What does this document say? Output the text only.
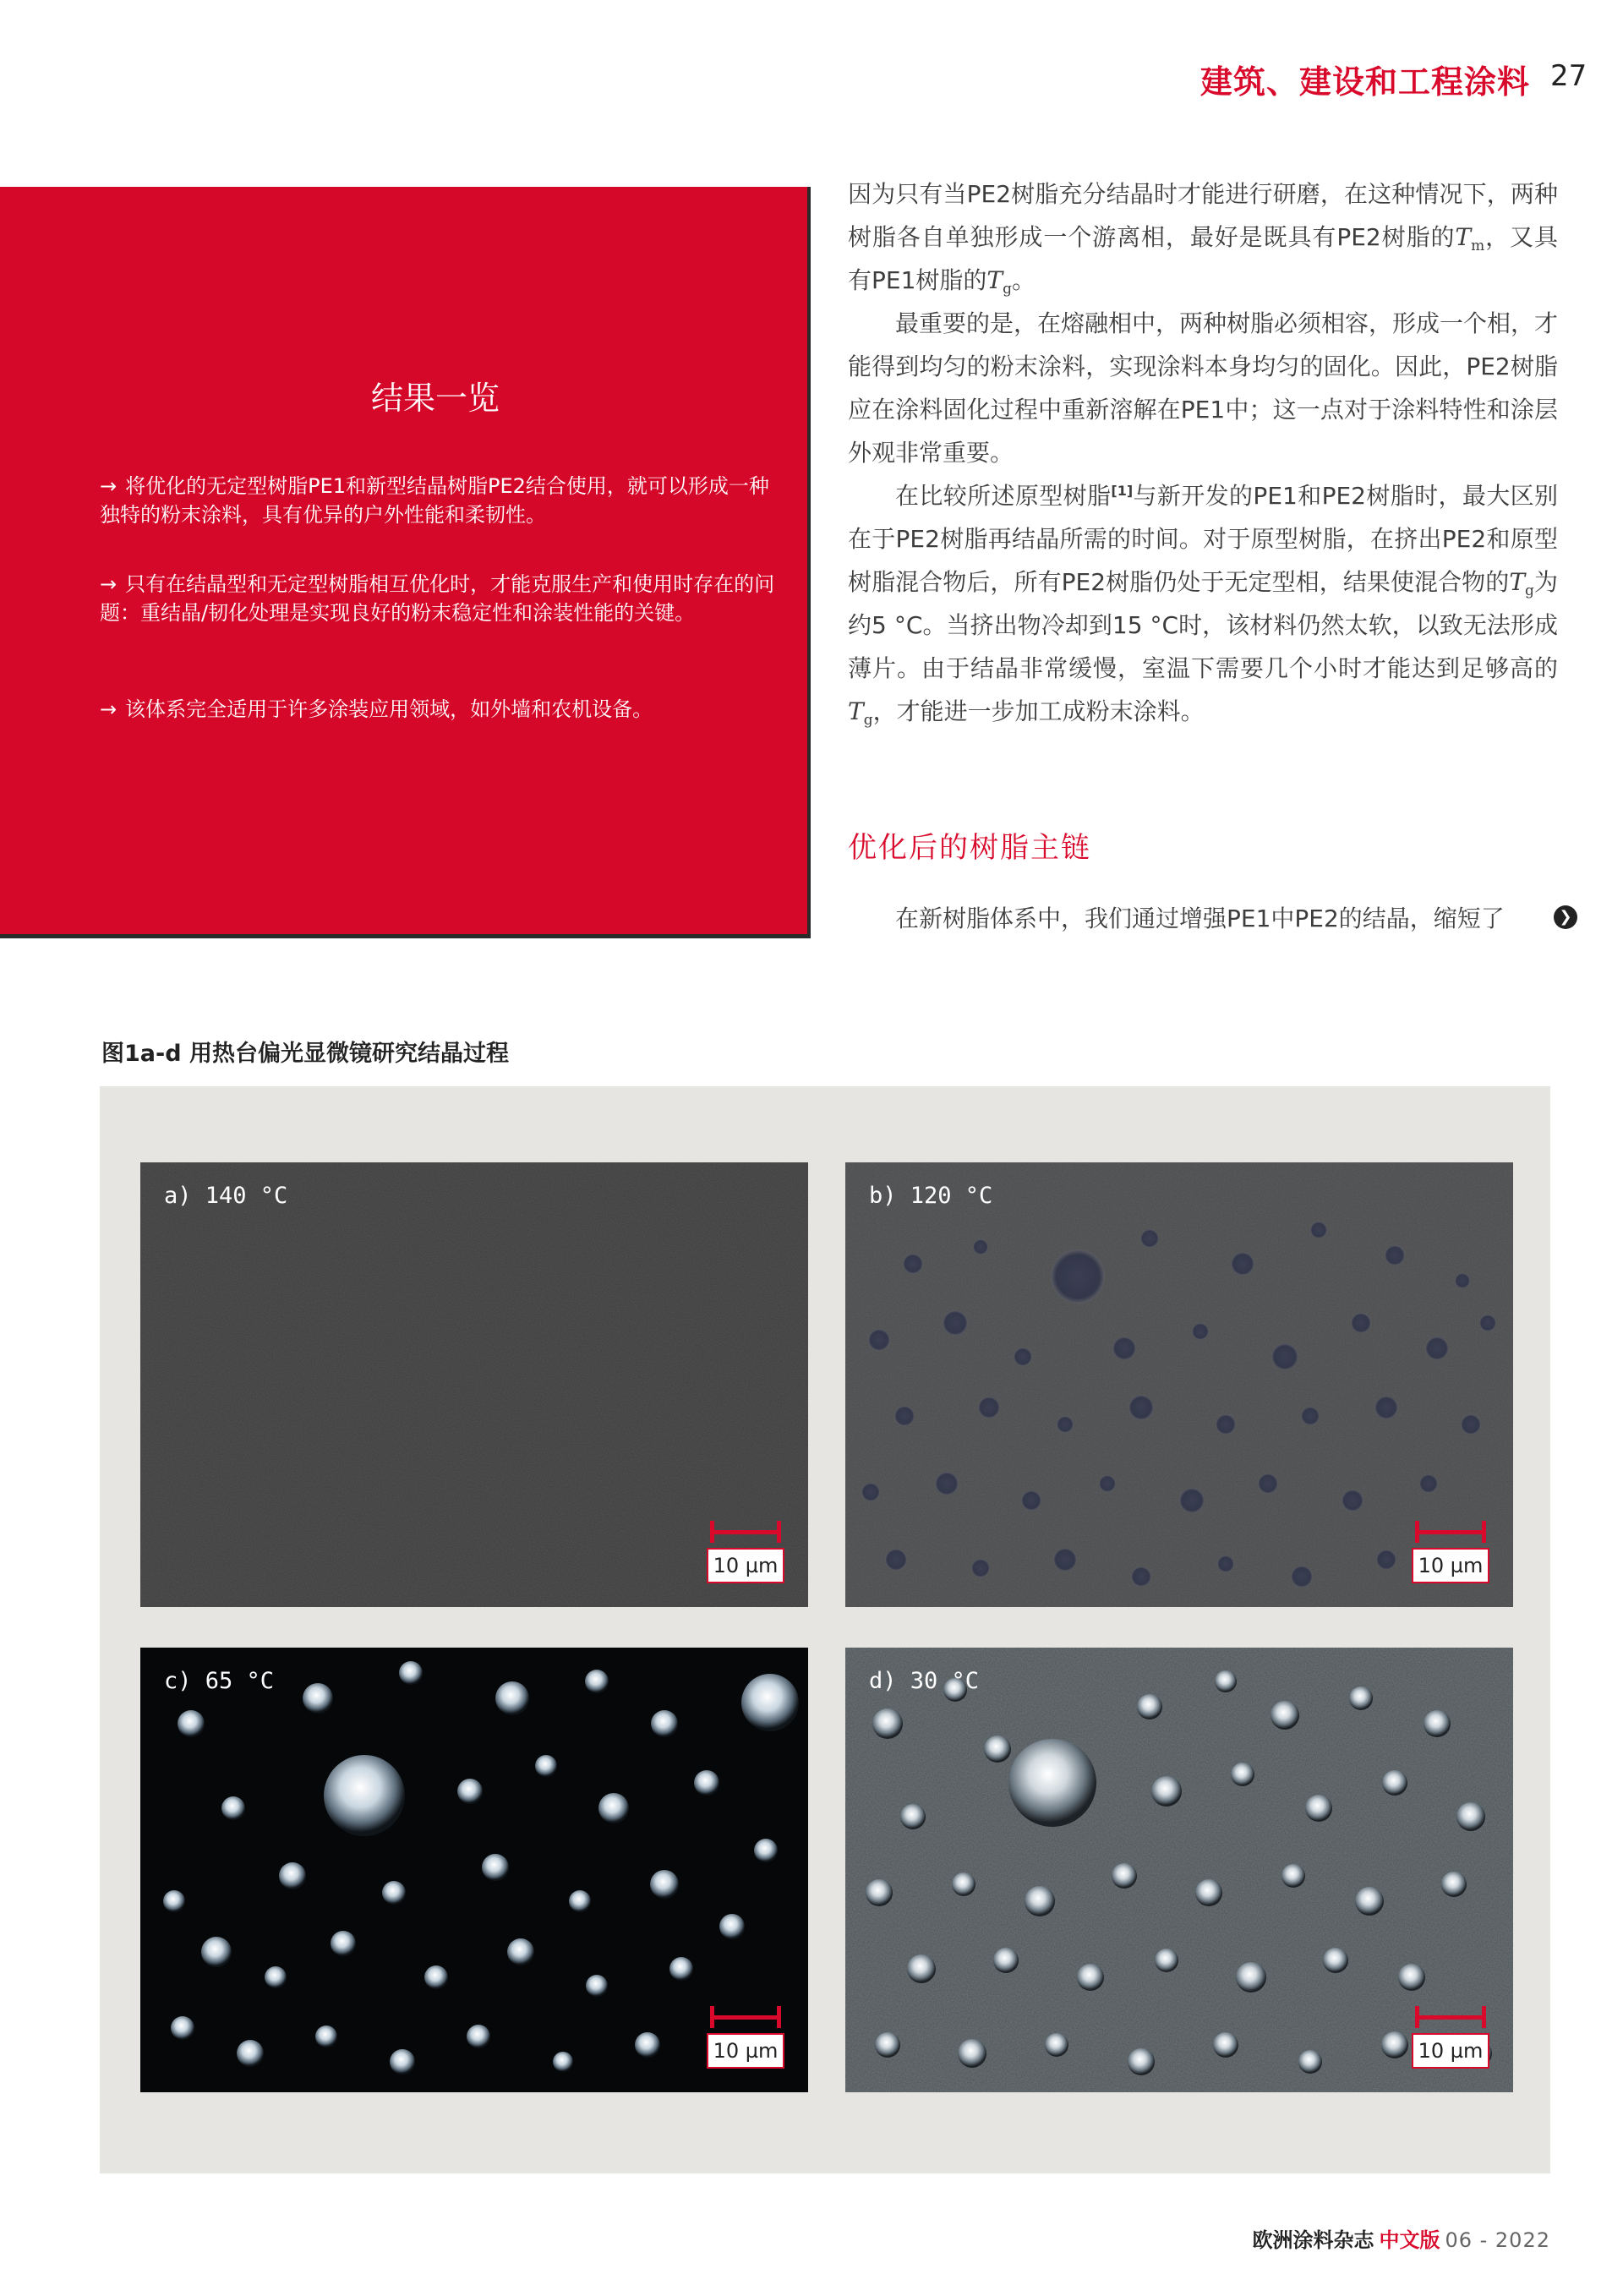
建筑、建设和工程涂料 27
结果一览
→ 将优化的无定型树脂PE1和新型结晶树脂PE2结合使用，就可以形成一种独特的粉末涂料，具有优异的户外性能和柔韧性。
→ 只有在结晶型和无定型树脂相互优化时，才能克服生产和使用时存在的问题：重结晶/韧化处理是实现良好的粉末稳定性和涂装性能的关键。
→ 该体系完全适用于许多涂装应用领域，如外墙和农机设备。

因为只有当PE2树脂充分结晶时才能进行研磨，在这种情况下，两种树脂各自单独形成一个游离相，最好是既具有PE2树脂的$T_m$，又具有PE1树脂的$T_g$。

最重要的是，在熔融相中，两种树脂必须相容，形成一个相，才能得到均匀的粉末涂料，实现涂料本身均匀的固化。因此，PE2树脂应在涂料固化过程中重新溶解在PE1中；这一点对于涂料特性和涂层外观非常重要。

在比较所述原型树脂[1]与新开发的PE1和PE2树脂时，最大区别在于PE2树脂再结晶所需的时间。对于原型树脂，在挤出PE2和原型树脂混合物后，所有PE2树脂仍处于无定型相，结果使混合物的$T_g$为约5 °C。当挤出物冷却到15 °C时，该材料仍然太软，以致无法形成薄片。由于结晶非常缓慢，室温下需要几个小时才能达到足够高的$T_g$，才能进一步加工成粉末涂料。

优化后的树脂主链
在新树脂体系中，我们通过增强PE1中PE2的结晶，缩短了	❯
图1a-d 用热台偏光显微镜研究结晶过程
a) 140 °C
10 µm
b) 120 °C
10 µm
c) 65 °C
10 µm
d) 30 °C
10 µm
欧洲涂料杂志 中文版 06 - 2022
